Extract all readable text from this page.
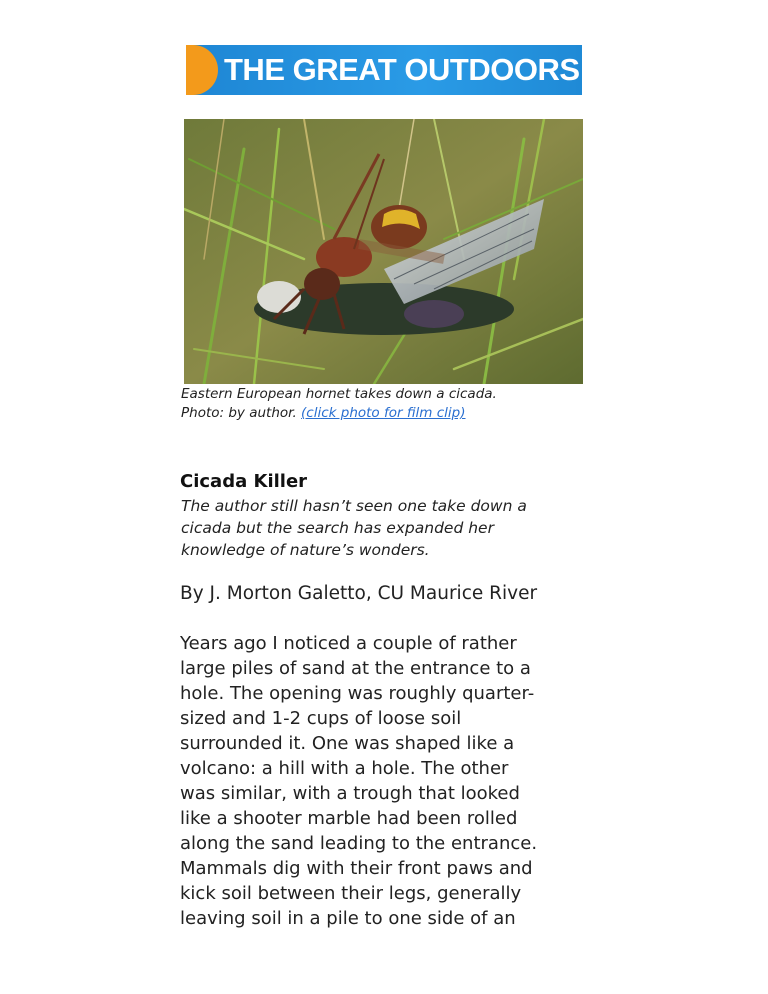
THE GREAT OUTDOORS
Eastern European hornet takes down a cicada.
Photo: by author. (click photo for film clip)
Cicada Killer
The author still hasn’t seen one take down a
cicada but the search has expanded her
knowledge of nature’s wonders.
By J. Morton Galetto, CU Maurice River
Years ago I noticed a couple of rather
large piles of sand at the entrance to a
hole. The opening was roughly quarter-
sized and 1-2 cups of loose soil
surrounded it. One was shaped like a
volcano: a hill with a hole. The other
was similar, with a trough that looked
like a shooter marble had been rolled
along the sand leading to the entrance.
Mammals dig with their front paws and
kick soil between their legs, generally
leaving soil in a pile to one side of an
